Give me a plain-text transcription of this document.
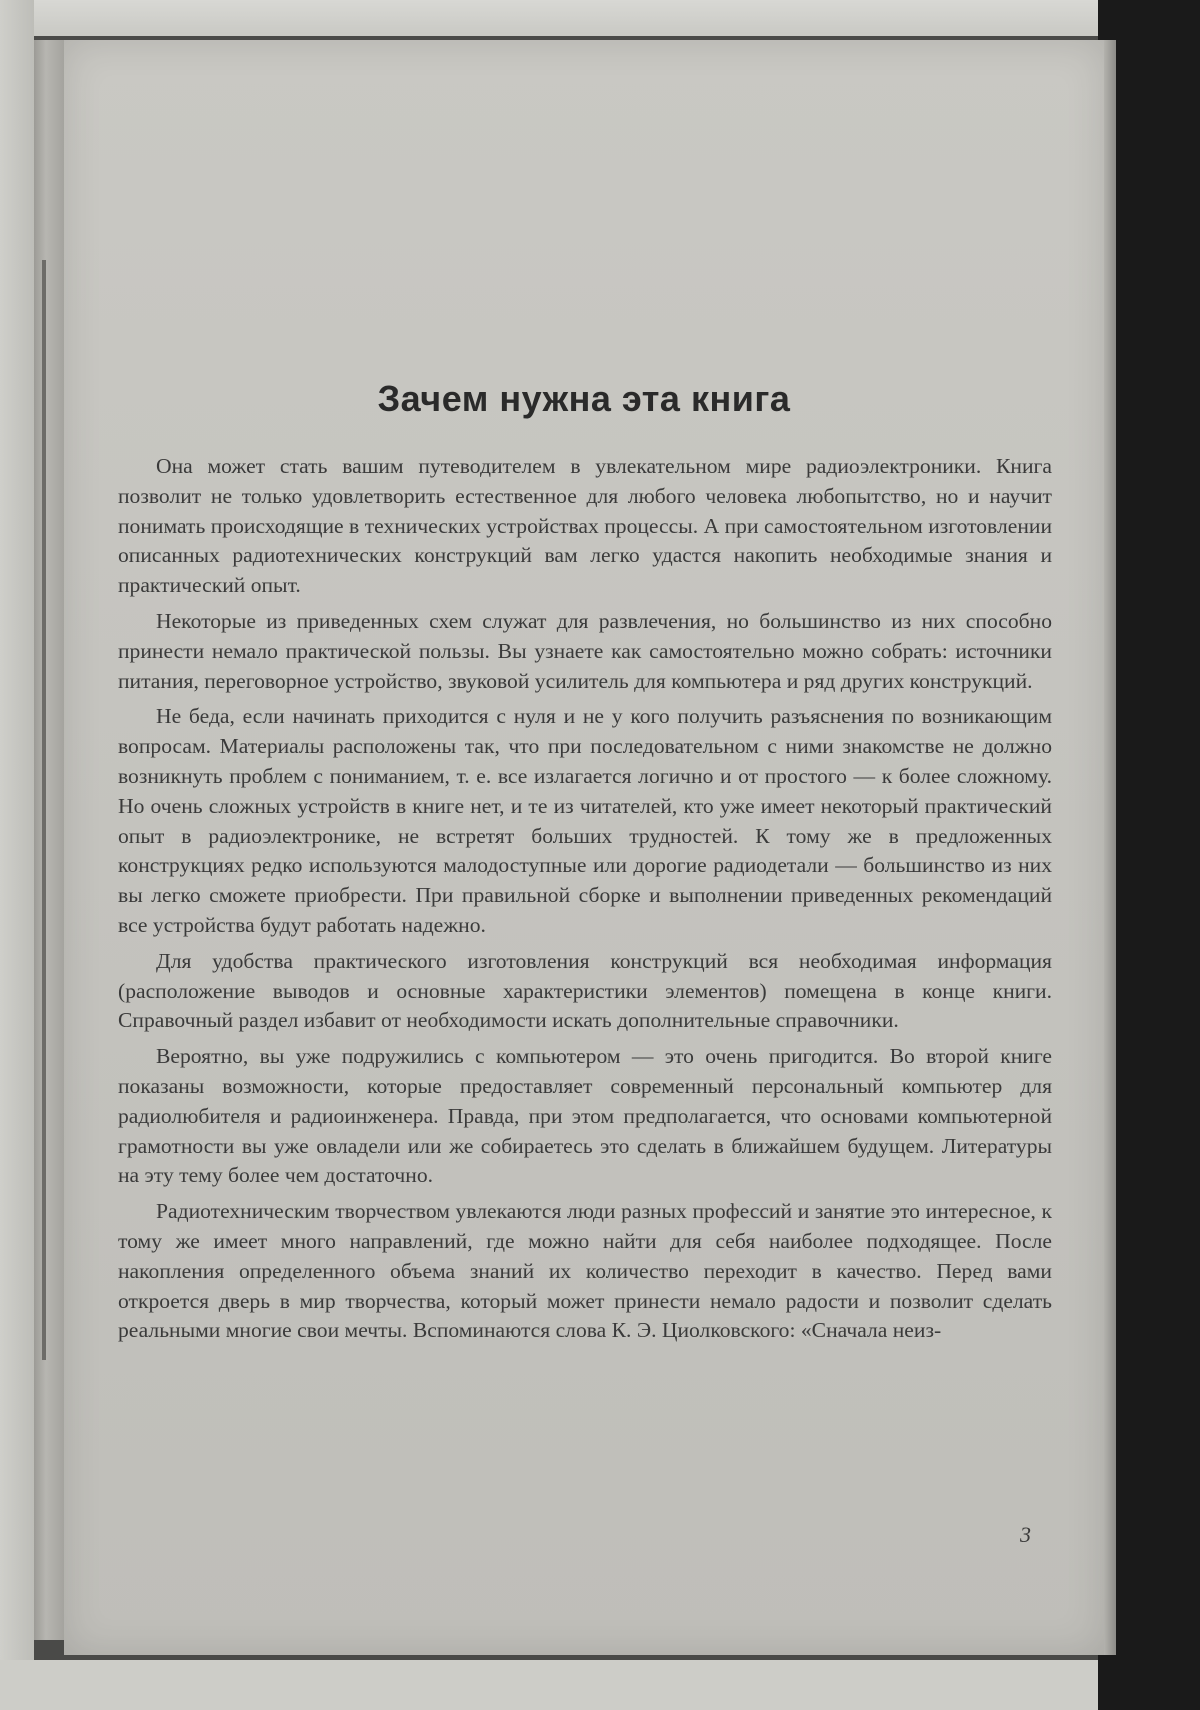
Зачем нужна эта книга

Она может стать вашим путеводителем в увлекательном мире радиоэлектроники. Книга позволит не только удовлетворить естественное для любого человека любопытство, но и научит понимать происходящие в технических устройствах процессы. А при самостоятельном изготовлении описанных радиотехнических конструкций вам легко удастся накопить необходимые знания и практический опыт.

Некоторые из приведенных схем служат для развлечения, но большинство из них способно принести немало практической пользы. Вы узнаете как самостоятельно можно собрать: источники питания, переговорное устройство, звуковой усилитель для компьютера и ряд других конструкций.

Не беда, если начинать приходится с нуля и не у кого получить разъяснения по возникающим вопросам. Материалы расположены так, что при последовательном с ними знакомстве не должно возникнуть проблем с пониманием, т. е. все излагается логично и от простого — к более сложному. Но очень сложных устройств в книге нет, и те из читателей, кто уже имеет некоторый практический опыт в радиоэлектронике, не встретят больших трудностей. К тому же в предложенных конструкциях редко используются малодоступные или дорогие радиодетали — большинство из них вы легко сможете приобрести. При правильной сборке и выполнении приведенных рекомендаций все устройства будут работать надежно.

Для удобства практического изготовления конструкций вся необходимая информация (расположение выводов и основные характеристики элементов) помещена в конце книги. Справочный раздел избавит от необходимости искать дополнительные справочники.

Вероятно, вы уже подружились с компьютером — это очень пригодится. Во второй книге показаны возможности, которые предоставляет современный персональный компьютер для радиолюбителя и радиоинженера. Правда, при этом предполагается, что основами компьютерной грамотности вы уже овладели или же собираетесь это сделать в ближайшем будущем. Литературы на эту тему более чем достаточно.

Радиотехническим творчеством увлекаются люди разных профессий и занятие это интересное, к тому же имеет много направлений, где можно найти для себя наиболее подходящее. После накопления определенного объема знаний их количество переходит в качество. Перед вами откроется дверь в мир творчества, который может принести немало радости и позволит сделать реальными многие свои мечты. Вспоминаются слова К. Э. Циолковского: «Сначала неиз-

3
